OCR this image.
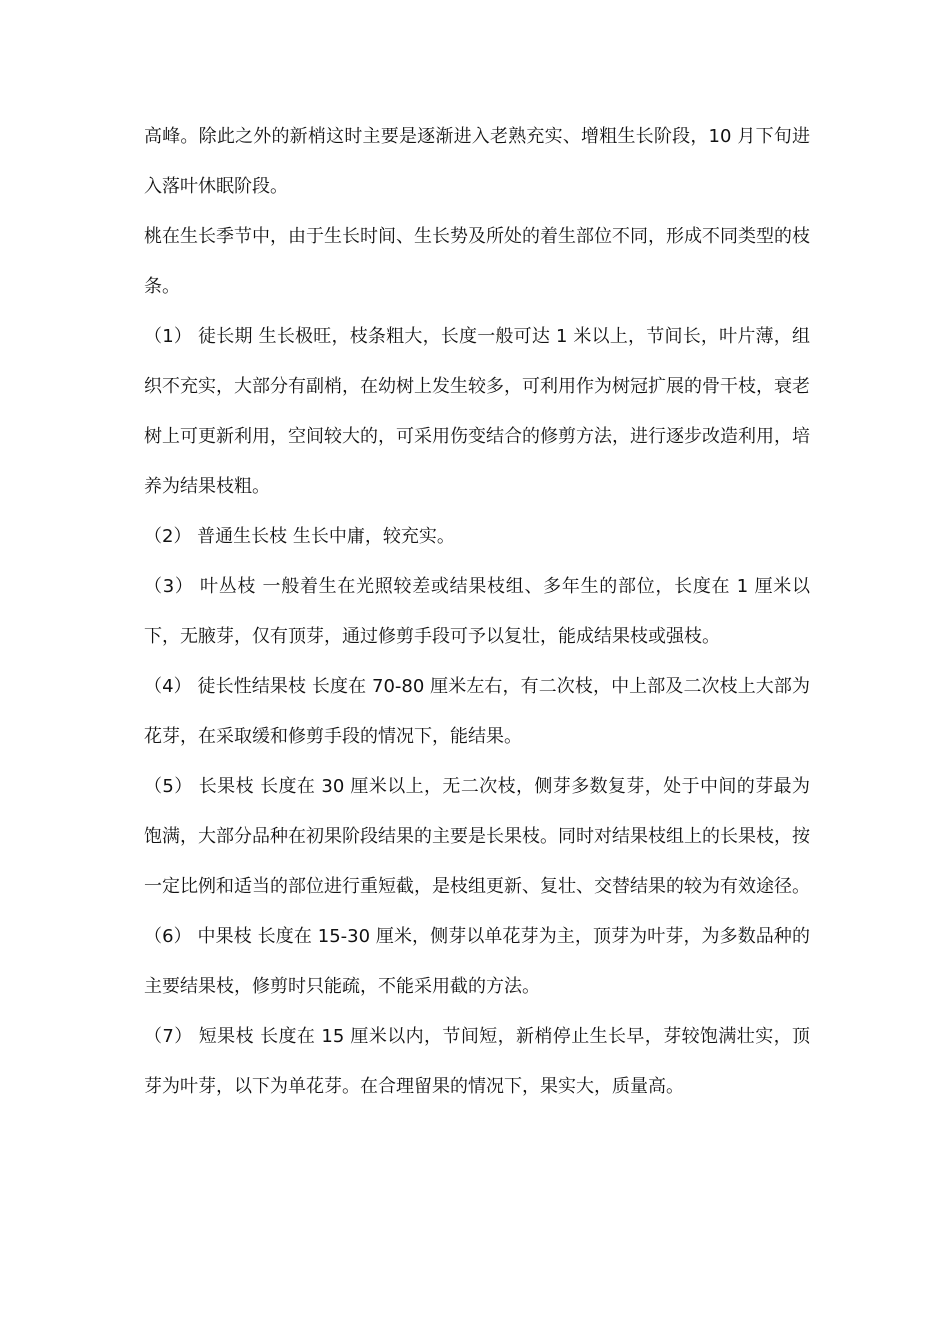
高峰。除此之外的新梢这时主要是逐渐进入老熟充实、增粗生长阶段，10 月下旬进入落叶休眠阶段。

桃在生长季节中，由于生长时间、生长势及所处的着生部位不同，形成不同类型的枝条。

（1） 徒长期 生长极旺，枝条粗大，长度一般可达 1 米以上，节间长，叶片薄，组织不充实，大部分有副梢，在幼树上发生较多，可利用作为树冠扩展的骨干枝，衰老树上可更新利用，空间较大的，可采用伤变结合的修剪方法，进行逐步改造利用，培养为结果枝粗。

（2） 普通生长枝 生长中庸，较充实。

（3） 叶丛枝 一般着生在光照较差或结果枝组、多年生的部位，长度在 1 厘米以下，无腋芽，仅有顶芽，通过修剪手段可予以复壮，能成结果枝或强枝。

（4） 徒长性结果枝 长度在 70-80 厘米左右，有二次枝，中上部及二次枝上大部为花芽，在采取缓和修剪手段的情况下，能结果。

（5） 长果枝 长度在 30 厘米以上，无二次枝，侧芽多数复芽，处于中间的芽最为饱满，大部分品种在初果阶段结果的主要是长果枝。同时对结果枝组上的长果枝，按一定比例和适当的部位进行重短截，是枝组更新、复壮、交替结果的较为有效途径。

（6） 中果枝 长度在 15-30 厘米，侧芽以单花芽为主，顶芽为叶芽，为多数品种的主要结果枝，修剪时只能疏，不能采用截的方法。

（7） 短果枝 长度在 15 厘米以内，节间短，新梢停止生长早，芽较饱满壮实，顶芽为叶芽，以下为单花芽。在合理留果的情况下，果实大，质量高。
